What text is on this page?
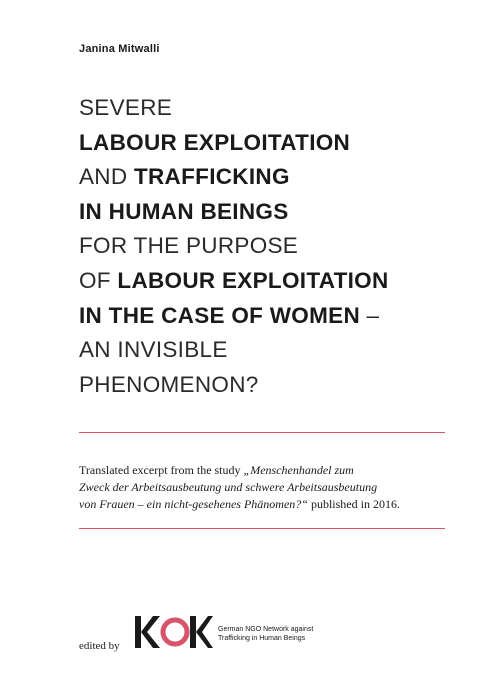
Janina Mitwalli
SEVERE
LABOUR EXPLOITATION
AND TRAFFICKING
IN HUMAN BEINGS
FOR THE PURPOSE
OF LABOUR EXPLOITATION
IN THE CASE OF WOMEN –
AN INVISIBLE
PHENOMENON?
Translated excerpt from the study „Menschenhandel zum
Zweck der Arbeitsausbeutung und schwere Arbeitsausbeutung
von Frauen – ein nicht-gesehenes Phänomen?“ published in 2016.
edited by
German NGO Network against
Trafficking in Human Beings
